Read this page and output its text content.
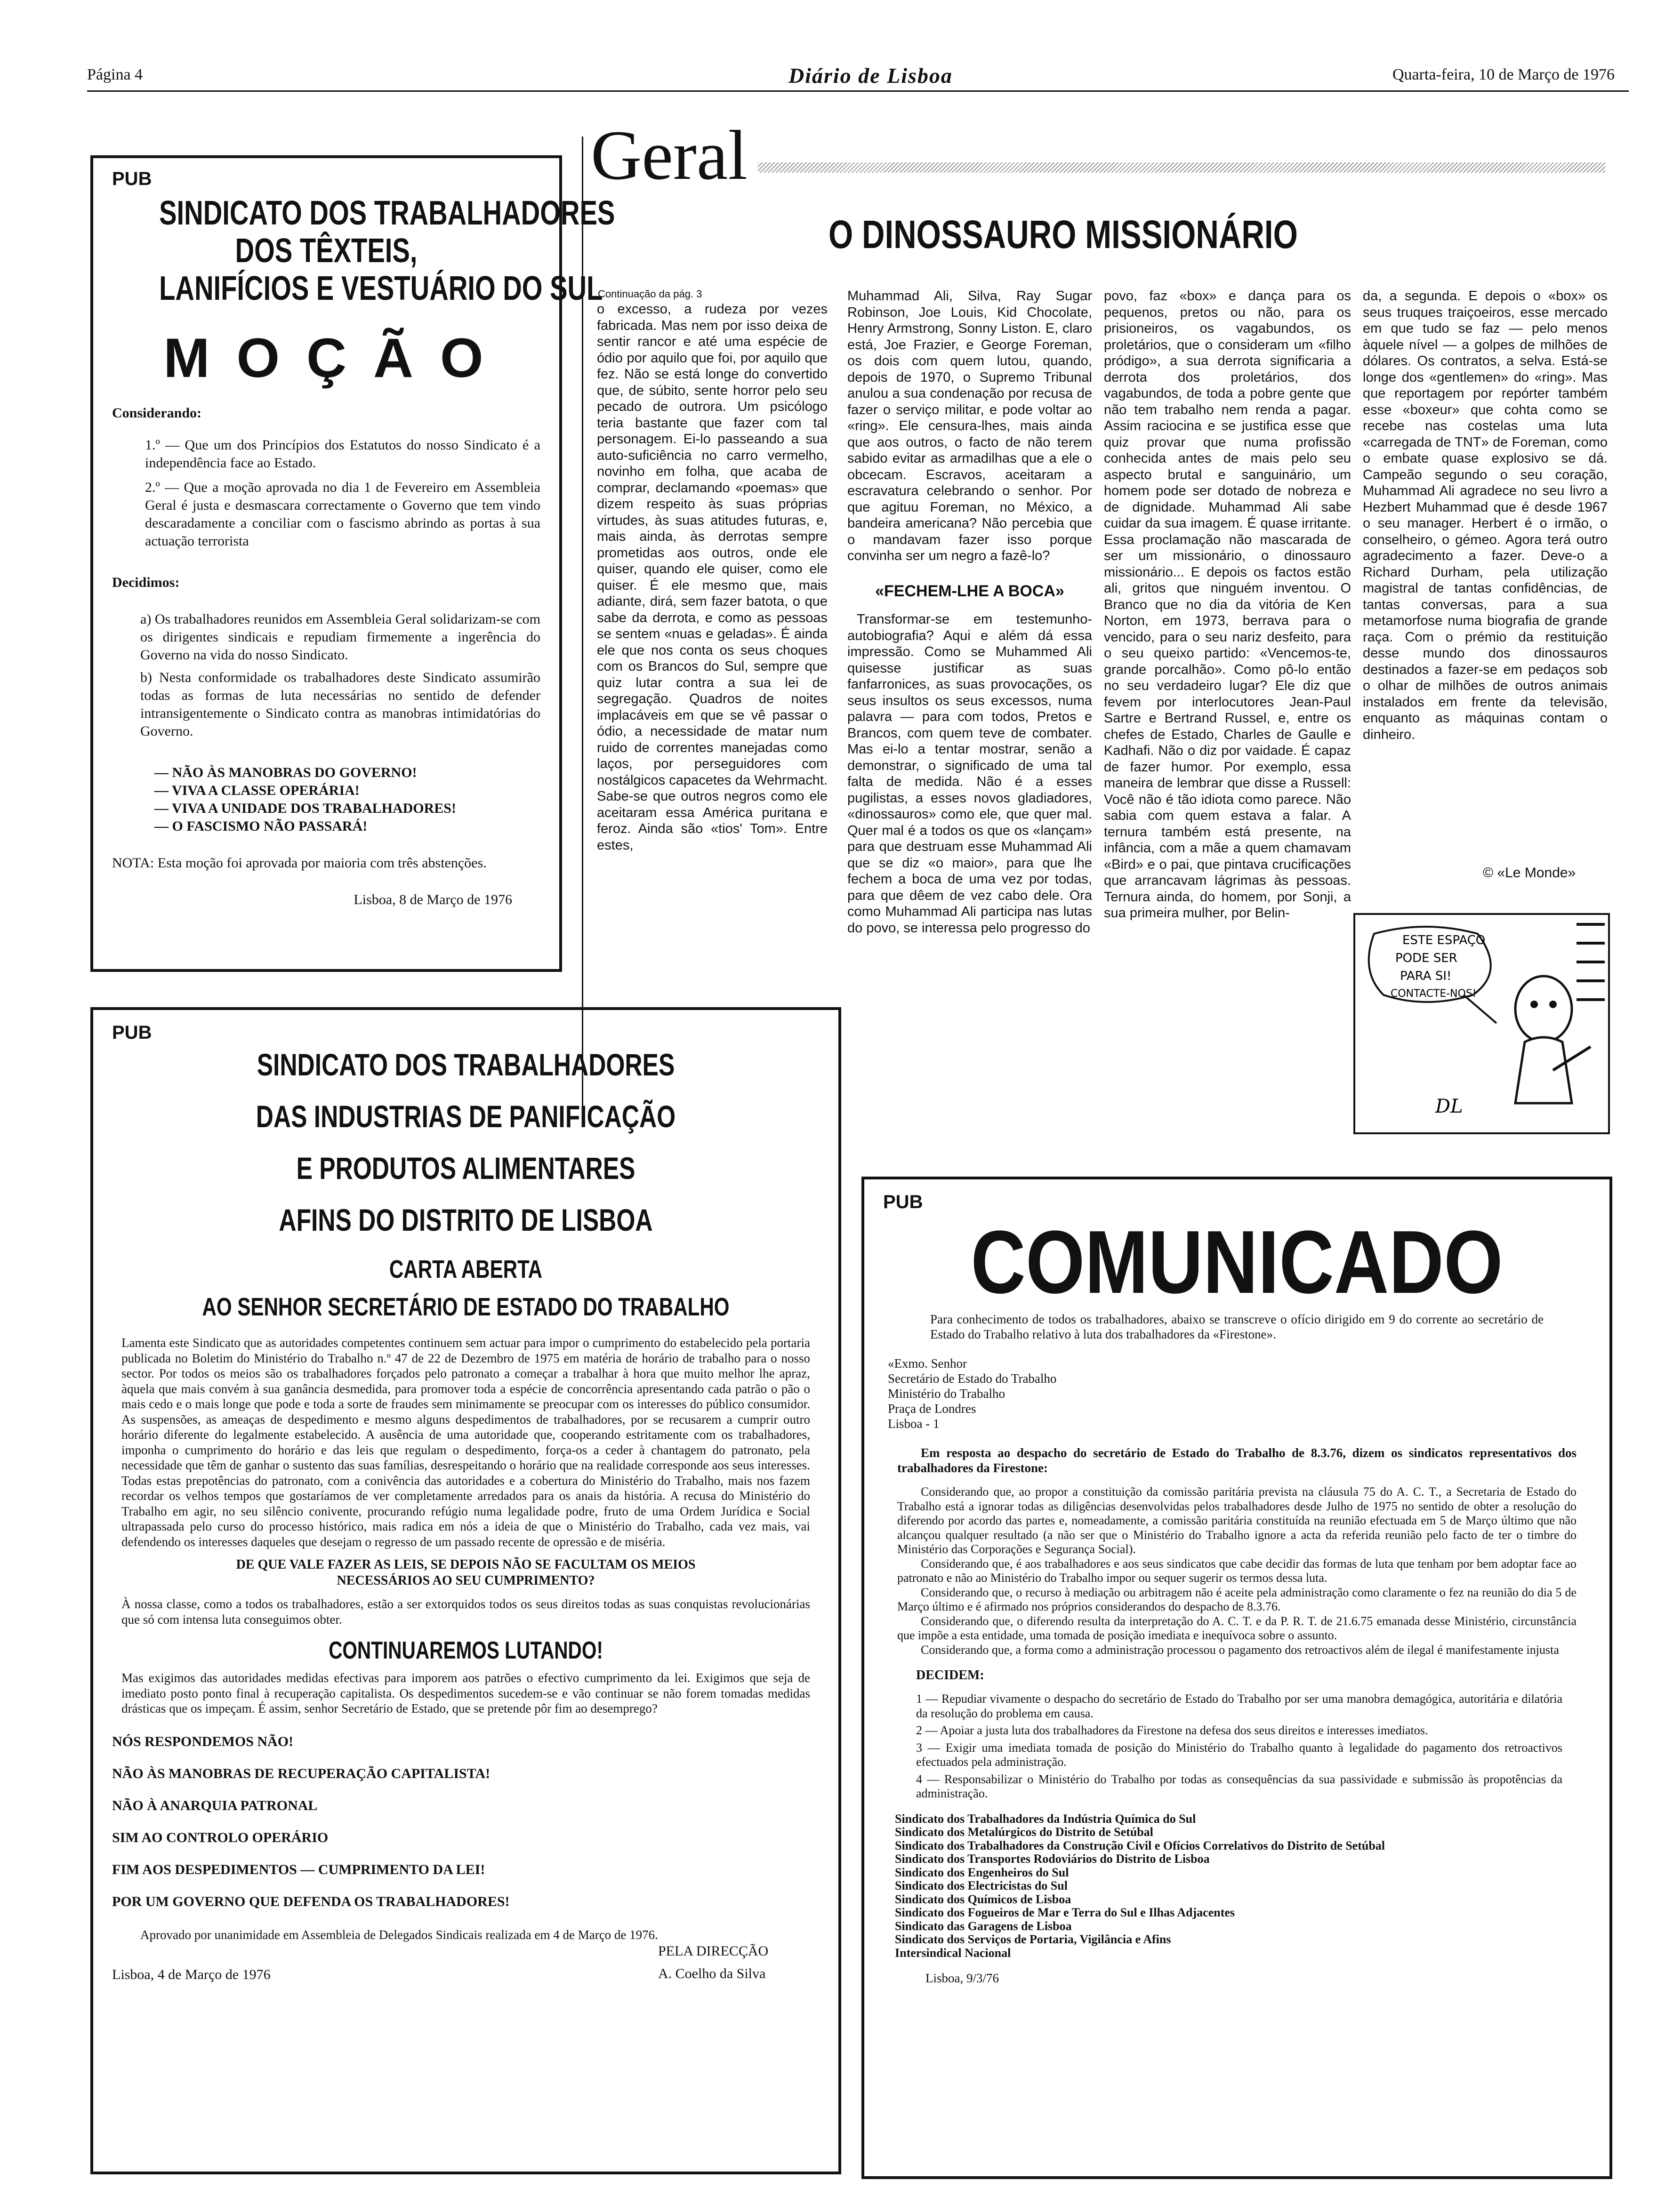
Página 4	Diário de Lisboa	Quarta-feira, 10 de Março de 1976
PUB
SINDICATO DOS TRABALHADORES
DOS TÊXTEIS,
LANIFÍCIOS E VESTUÁRIO DO SUL
M O Ç Ã O
Considerando:
1.º — Que um dos Princípios dos Estatutos do nosso Sindicato é a independência face ao Estado.
2.º — Que a moção aprovada no dia 1 de Fevereiro em Assembleia Geral é justa e desmascara correctamente o Governo que tem vindo descaradamente a conciliar com o fascismo abrindo as portas à sua actuação terrorista
Decidimos:
a) Os trabalhadores reunidos em Assembleia Geral solidarizam-se com os dirigentes sindicais e repudiam firmemente a ingerência do Governo na vida do nosso Sindicato.
b) Nesta conformidade os trabalhadores deste Sindicato assumirão todas as formas de luta necessárias no sentido de defender intransigentemente o Sindicato contra as manobras intimidatórias do Governo.
— NÃO ÀS MANOBRAS DO GOVERNO!
— VIVA A CLASSE OPERÁRIA!
— VIVA A UNIDADE DOS TRABALHADORES!
— O FASCISMO NÃO PASSARÁ!
NOTA: Esta moção foi aprovada por maioria com três abstenções.
Lisboa, 8 de Março de 1976
Geral
O DINOSSAURO MISSIONÁRIO
Continuação da pág. 3

o excesso, a rudeza por vezes fabricada. Mas nem por isso deixa de sentir rancor e até uma espécie de ódio por aquilo que foi, por aquilo que fez. Não se está longe do convertido que, de súbito, sente horror pelo seu pecado de outrora. Um psicólogo teria bastante que fazer com tal personagem. Ei-lo passeando a sua auto-suficiência no carro vermelho, novinho em folha, que acaba de comprar, declamando «poemas» que dizem respeito às suas próprias virtudes, às suas atitudes futuras, e, mais ainda, às derrotas sempre prometidas aos outros, onde ele quiser, quando ele quiser, como ele quiser. É ele mesmo que, mais adiante, dirá, sem fazer batota, o que sabe da derrota, e como as pessoas se sentem «nuas e geladas». É ainda ele que nos conta os seus choques com os Brancos do Sul, sempre que quiz lutar contra a sua lei de segregação. Quadros de noites implacáveis em que se vê passar o ódio, a necessidade de matar num ruido de correntes manejadas como laços, por perseguidores com nostálgicos capacetes da Wehrmacht. Sabe-se que outros negros como ele aceitaram essa América puritana e feroz. Ainda são «tios' Tom». Entre estes,

Muhammad Ali, Silva, Ray Sugar Robinson, Joe Louis, Kid Chocolate, Henry Armstrong, Sonny Liston. E, claro está, Joe Frazier, e George Foreman, os dois com quem lutou, quando, depois de 1970, o Supremo Tribunal anulou a sua condenação por recusa de fazer o serviço militar, e pode voltar ao «ring». Ele censura-lhes, mais ainda que aos outros, o facto de não terem sabido evitar as armadilhas que a ele o obcecam. Escravos, aceitaram a escravatura celebrando o senhor. Por que agituu Foreman, no México, a bandeira americana? Não percebia que o mandavam fazer isso porque convinha ser um negro a fazê-lo?

«FECHEM-LHE A BOCA»

Transformar-se em testemunho-autobiografia? Aqui e além dá essa impressão. Como se Muhammed Ali quisesse justificar as suas fanfarronices, as suas provocações, os seus insultos os seus excessos, numa palavra — para com todos, Pretos e Brancos, com quem teve de combater. Mas ei-lo a tentar mostrar, senão a demonstrar, o significado de uma tal falta de medida. Não é a esses pugilistas, a esses novos gladiadores, «dinossauros» como ele, que quer mal. Quer mal é a todos os que os «lançam» para que destruam esse Muhammad Ali que se diz «o maior», para que lhe fechem a boca de uma vez por todas, para que dêem de vez cabo dele. Ora como Muhammad Ali participa nas lutas do povo, se interessa pelo progresso do

povo, faz «box» e dança para os pequenos, pretos ou não, para os prisioneiros, os vagabundos, os proletários, que o consideram um «filho pródigo», a sua derrota significaria a derrota dos proletários, dos vagabundos, de toda a pobre gente que não tem trabalho nem renda a pagar. Assim raciocina e se justifica esse que quiz provar que numa profissão conhecida antes de mais pelo seu aspecto brutal e sanguinário, um homem pode ser dotado de nobreza e de dignidade. Muhammad Ali sabe cuidar da sua imagem. É quase irritante. Essa proclamação não mascarada de ser um missionário, o dinossauro missionário... E depois os factos estão ali, gritos que ninguém inventou. O Branco que no dia da vitória de Ken Norton, em 1973, berrava para o vencido, para o seu nariz desfeito, para o seu queixo partido: «Vencemos-te, grande porcalhão». Como pô-lo então no seu verdadeiro lugar? Ele diz que fevem por interlocutores Jean-Paul Sartre e Bertrand Russel, e, entre os chefes de Estado, Charles de Gaulle e Kadhafi. Não o diz por vaidade. É capaz de fazer humor. Por exemplo, essa maneira de lembrar que disse a Russell: Você não é tão idiota como parece. Não sabia com quem estava a falar. A ternura também está presente, na infância, com a mãe a quem chamavam «Bird» e o pai, que pintava crucificações que arrancavam lágrimas às pessoas. Ternura ainda, do homem, por Sonji, a sua primeira mulher, por Belin-

da, a segunda. E depois o «box» os seus truques traiçoeiros, esse mercado em que tudo se faz — pelo menos àquele nível — a golpes de milhões de dólares. Os contratos, a selva. Está-se longe dos «gentlemen» do «ring». Mas que reportagem por repórter também esse «boxeur» que cohta como se recebe nas costelas uma luta «carregada de TNT» de Foreman, como o embate quase explosivo se dá. Campeão segundo o seu coração, Muhammad Ali agradece no seu livro a Hezbert Muhammad que é desde 1967 o seu manager. Herbert é o irmão, o conselheiro, o gémeo. Agora terá outro agradecimento a fazer. Deve-o a Richard Durham, pela utilização magistral de tantas confidências, de tantas conversas, para a sua metamorfose numa biografia de grande raça. Com o prémio da restituição desse mundo dos dinossauros destinados a fazer-se em pedaços sob o olhar de milhões de outros animais instalados em frente da televisão, enquanto as máquinas contam o dinheiro.

© «Le Monde»
ESTE ESPAÇO
PODE SER
PARA SI!
CONTACTE-NOS!
DL
PUB
SINDICATO DOS TRABALHADORES
DAS INDUSTRIAS DE PANIFICAÇÃO
E PRODUTOS ALIMENTARES
AFINS DO DISTRITO DE LISBOA
CARTA ABERTA
AO SENHOR SECRETÁRIO DE ESTADO DO TRABALHO
Lamenta este Sindicato que as autoridades competentes continuem sem actuar para impor o cumprimento do estabelecido pela portaria publicada no Boletim do Ministério do Trabalho n.º 47 de 22 de Dezembro de 1975 em matéria de horário de trabalho para o nosso sector. Por todos os meios são os trabalhadores forçados pelo patronato a começar a trabalhar à hora que muito melhor lhe apraz, àquela que mais convém à sua ganância desmedida, para promover toda a espécie de concorrência apresentando cada patrão o pão o mais cedo e o mais longe que pode e toda a sorte de fraudes sem minimamente se preocupar com os interesses do público consumidor. As suspensões, as ameaças de despedimento e mesmo alguns despedimentos de trabalhadores, por se recusarem a cumprir outro horário diferente do legalmente estabelecido. A ausência de uma autoridade que, cooperando estritamente com os trabalhadores, imponha o cumprimento do horário e das leis que regulam o despedimento, força-os a ceder à chantagem do patronato, pela necessidade que têm de ganhar o sustento das suas famílias, desrespeitando o horário que na realidade corresponde aos seus interesses. Todas estas prepotências do patronato, com a conivência das autoridades e a cobertura do Ministério do Trabalho, mais nos fazem recordar os velhos tempos que gostaríamos de ver completamente arredados para os anais da história. A recusa do Ministério do Trabalho em agir, no seu silêncio conivente, procurando refúgio numa legalidade podre, fruto de uma Ordem Jurídica e Social ultrapassada pelo curso do processo histórico, mais radica em nós a ideia de que o Ministério do Trabalho, cada vez mais, vai defendendo os interesses daqueles que desejam o regresso de um passado recente de opressão e de miséria.
DE QUE VALE FAZER AS LEIS, SE DEPOIS NÃO SE FACULTAM OS MEIOS NECESSÁRIOS AO SEU CUMPRIMENTO?
À nossa classe, como a todos os trabalhadores, estão a ser extorquidos todos os seus direitos todas as suas conquistas revolucionárias que só com intensa luta conseguimos obter.
CONTINUAREMOS LUTANDO!
Mas exigimos das autoridades medidas efectivas para imporem aos patrões o efectivo cumprimento da lei. Exigimos que seja de imediato posto ponto final à recuperação capitalista. Os despedimentos sucedem-se e vão continuar se não forem tomadas medidas drásticas que os impeçam. É assim, senhor Secretário de Estado, que se pretende pôr fim ao desemprego?
NÓS RESPONDEMOS NÃO!
NÃO ÀS MANOBRAS DE RECUPERAÇÃO CAPITALISTA!
NÃO À ANARQUIA PATRONAL
SIM AO CONTROLO OPERÁRIO
FIM AOS DESPEDIMENTOS — CUMPRIMENTO DA LEI!
POR UM GOVERNO QUE DEFENDA OS TRABALHADORES!
Aprovado por unanimidade em Assembleia de Delegados Sindicais realizada em 4 de Março de 1976.
Lisboa, 4 de Março de 1976
PELA DIRECÇÃO
A. Coelho da Silva
PUB
COMUNICADO
Para conhecimento de todos os trabalhadores, abaixo se transcreve o ofício dirigido em 9 do corrente ao secretário de Estado do Trabalho relativo à luta dos trabalhadores da «Firestone».
«Exmo. Senhor
Secretário de Estado do Trabalho
Ministério do Trabalho
Praça de Londres
Lisboa - 1
Em resposta ao despacho do secretário de Estado do Trabalho de 8.3.76, dizem os sindicatos representativos dos trabalhadores da Firestone:
Considerando que, ao propor a constituição da comissão paritária prevista na cláusula 75 do A. C. T., a Secretaria de Estado do Trabalho está a ignorar todas as diligências desenvolvidas pelos trabalhadores desde Julho de 1975 no sentido de obter a resolução do diferendo por acordo das partes e, nomeadamente, a comissão paritária constituída na reunião efectuada em 5 de Março último que não alcançou qualquer resultado (a não ser que o Ministério do Trabalho ignore a acta da referida reunião pelo facto de ter o timbre do Ministério das Corporações e Segurança Social).
Considerando que, é aos trabalhadores e aos seus sindicatos que cabe decidir das formas de luta que tenham por bem adoptar face ao patronato e não ao Ministério do Trabalho impor ou sequer sugerir os termos dessa luta.
Considerando que, o recurso à mediação ou arbitragem não é aceite pela administração como claramente o fez na reunião do dia 5 de Março último e é afirmado nos próprios considerandos do despacho de 8.3.76.
Considerando que, o diferendo resulta da interpretação do A. C. T. e da P. R. T. de 21.6.75 emanada desse Ministério, circunstância que impõe a esta entidade, uma tomada de posição imediata e inequívoca sobre o assunto.
Considerando que, a forma como a administração processou o pagamento dos retroactivos além de ilegal é manifestamente injusta
DECIDEM:
1 — Repudiar vivamente o despacho do secretário de Estado do Trabalho por ser uma manobra demagógica, autoritária e dilatória da resolução do problema em causa.
2 — Apoiar a justa luta dos trabalhadores da Firestone na defesa dos seus direitos e interesses imediatos.
3 — Exigir uma imediata tomada de posição do Ministério do Trabalho quanto à legalidade do pagamento dos retroactivos efectuados pela administração.
4 — Responsabilizar o Ministério do Trabalho por todas as consequências da sua passividade e submissão às propotências da administração.
Sindicato dos Trabalhadores da Indústria Química do Sul
Sindicato dos Metalúrgicos do Distrito de Setúbal
Sindicato dos Trabalhadores da Construção Civil e Ofícios Correlativos do Distrito de Setúbal
Sindicato dos Transportes Rodoviários do Distrito de Lisboa
Sindicato dos Engenheiros do Sul
Sindicato dos Electricistas do Sul
Sindicato dos Químicos de Lisboa
Sindicato dos Fogueiros de Mar e Terra do Sul e Ilhas Adjacentes
Sindicato das Garagens de Lisboa
Sindicato dos Serviços de Portaria, Vigilância e Afins
Intersindical Nacional
Lisboa, 9/3/76
